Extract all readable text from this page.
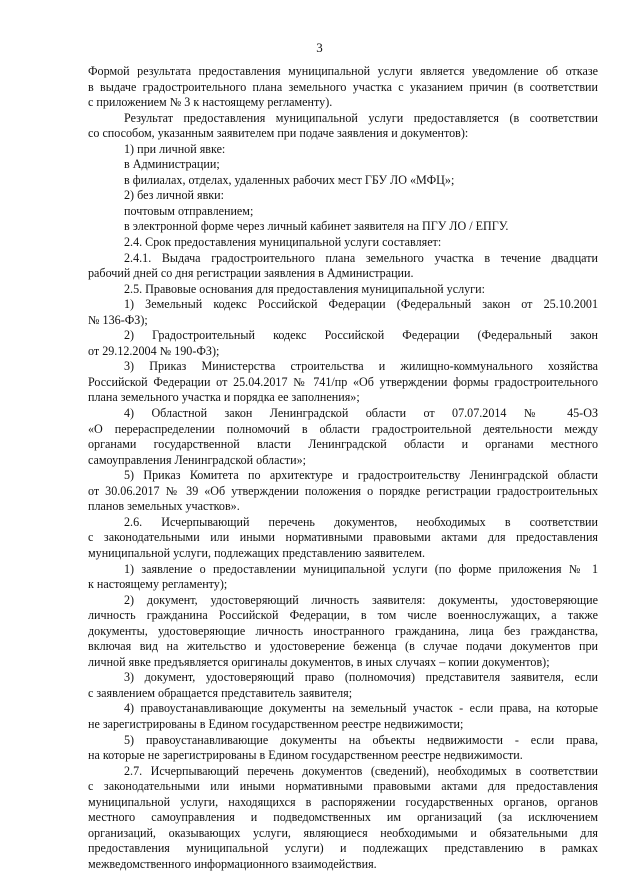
3
Формой результата предоставления муниципальной услуги является уведомление об отказе
в выдаче градостроительного плана земельного участка с указанием причин (в соответствии
с приложением № 3 к настоящему регламенту).
Результат предоставления муниципальной услуги предоставляется (в соответствии
со способом, указанным заявителем при подаче заявления и документов):
1) при личной явке:
в Администрации;
в филиалах, отделах, удаленных рабочих мест ГБУ ЛО «МФЦ»;
2) без личной явки:
почтовым отправлением;
в электронной форме через личный кабинет заявителя на ПГУ ЛО / ЕПГУ.
2.4. Срок предоставления муниципальной услуги составляет:
2.4.1. Выдача градостроительного плана земельного участка в течение двадцати
рабочий дней со дня регистрации заявления в Администрации.
2.5. Правовые основания для предоставления муниципальной услуги:
1) Земельный кодекс Российской Федерации (Федеральный закон от 25.10.2001
№ 136-ФЗ);
2) Градостроительный кодекс Российской Федерации (Федеральный закон
от 29.12.2004 № 190-ФЗ);
3) Приказ Министерства строительства и жилищно-коммунального хозяйства
Российской Федерации от 25.04.2017 № 741/пр «Об утверждении формы градостроительного
плана земельного участка и порядка ее заполнения»;
4) Областной закон Ленинградской области от 07.07.2014 № 45-ОЗ
«О перераспределении полномочий в области градостроительной деятельности между
органами государственной власти Ленинградской области и органами местного
самоуправления Ленинградской области»;
5) Приказ Комитета по архитектуре и градостроительству Ленинградской области
от 30.06.2017 № 39 «Об утверждении положения о порядке регистрации градостроительных
планов земельных участков».
2.6. Исчерпывающий перечень документов, необходимых в соответствии
с законодательными или иными нормативными правовыми актами для предоставления
муниципальной услуги, подлежащих представлению заявителем.
1) заявление о предоставлении муниципальной услуги (по форме приложения № 1
к настоящему регламенту);
2) документ, удостоверяющий личность заявителя: документы, удостоверяющие
личность гражданина Российской Федерации, в том числе военнослужащих, а также
документы, удостоверяющие личность иностранного гражданина, лица без гражданства,
включая вид на жительство и удостоверение беженца (в случае подачи документов при
личной явке предъявляется оригиналы документов, в иных случаях – копии документов);
3) документ, удостоверяющий право (полномочия) представителя заявителя, если
с заявлением обращается представитель заявителя;
4) правоустанавливающие документы на земельный участок - если права, на которые
не зарегистрированы в Едином государственном реестре недвижимости;
5) правоустанавливающие документы на объекты недвижимости - если права,
на которые не зарегистрированы в Едином государственном реестре недвижимости.
2.7. Исчерпывающий перечень документов (сведений), необходимых в соответствии
с законодательными или иными нормативными правовыми актами для предоставления
муниципальной услуги, находящихся в распоряжении государственных органов, органов
местного самоуправления и подведомственных им организаций (за исключением
организаций, оказывающих услуги, являющиеся необходимыми и обязательными для
предоставления муниципальной услуги) и подлежащих представлению в рамках
межведомственного информационного взаимодействия.
